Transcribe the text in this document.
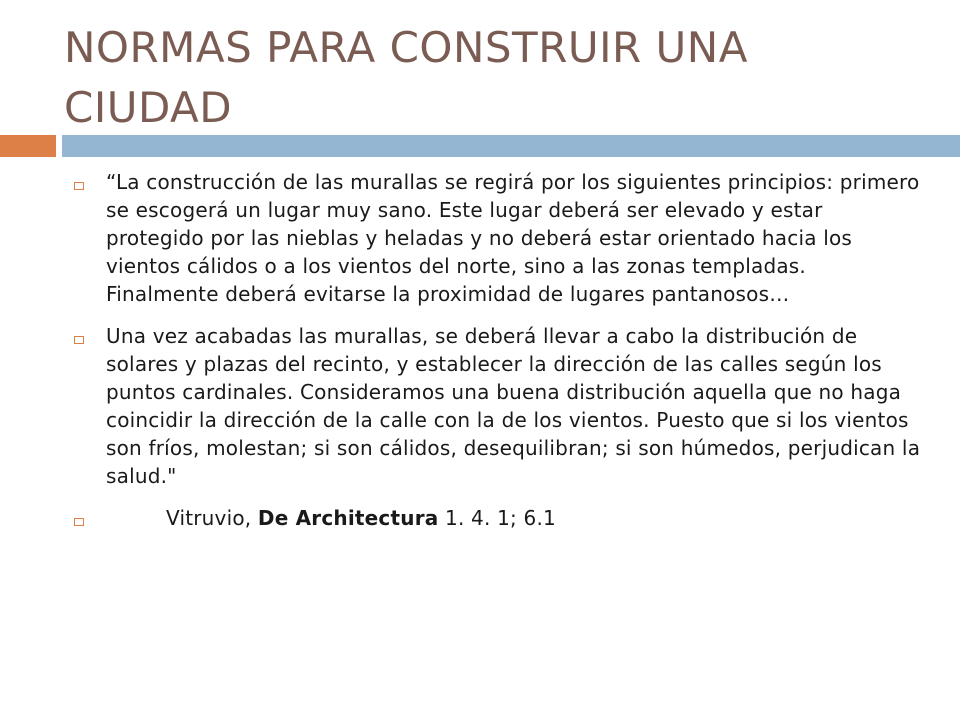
NORMAS PARA CONSTRUIR UNA CIUDAD
“La construcción de las murallas se regirá por los siguientes principios: primero se escogerá un lugar muy sano. Este lugar deberá ser elevado y estar protegido por las nieblas y heladas y no deberá estar orientado hacia los vientos cálidos o a los vientos del norte, sino a las zonas templadas. Finalmente deberá evitarse la proximidad de lugares pantanosos…
Una vez acabadas las murallas, se deberá llevar a cabo la distribución de solares y plazas del recinto, y establecer la dirección de las calles según los puntos cardinales. Consideramos una buena distribución aquella que no haga coincidir la dirección de la calle con la de los vientos. Puesto que si los vientos son fríos, molestan; si son cálidos, desequilibran; si son húmedos, perjudican la salud."
Vitruvio, De Architectura 1. 4. 1; 6.1
